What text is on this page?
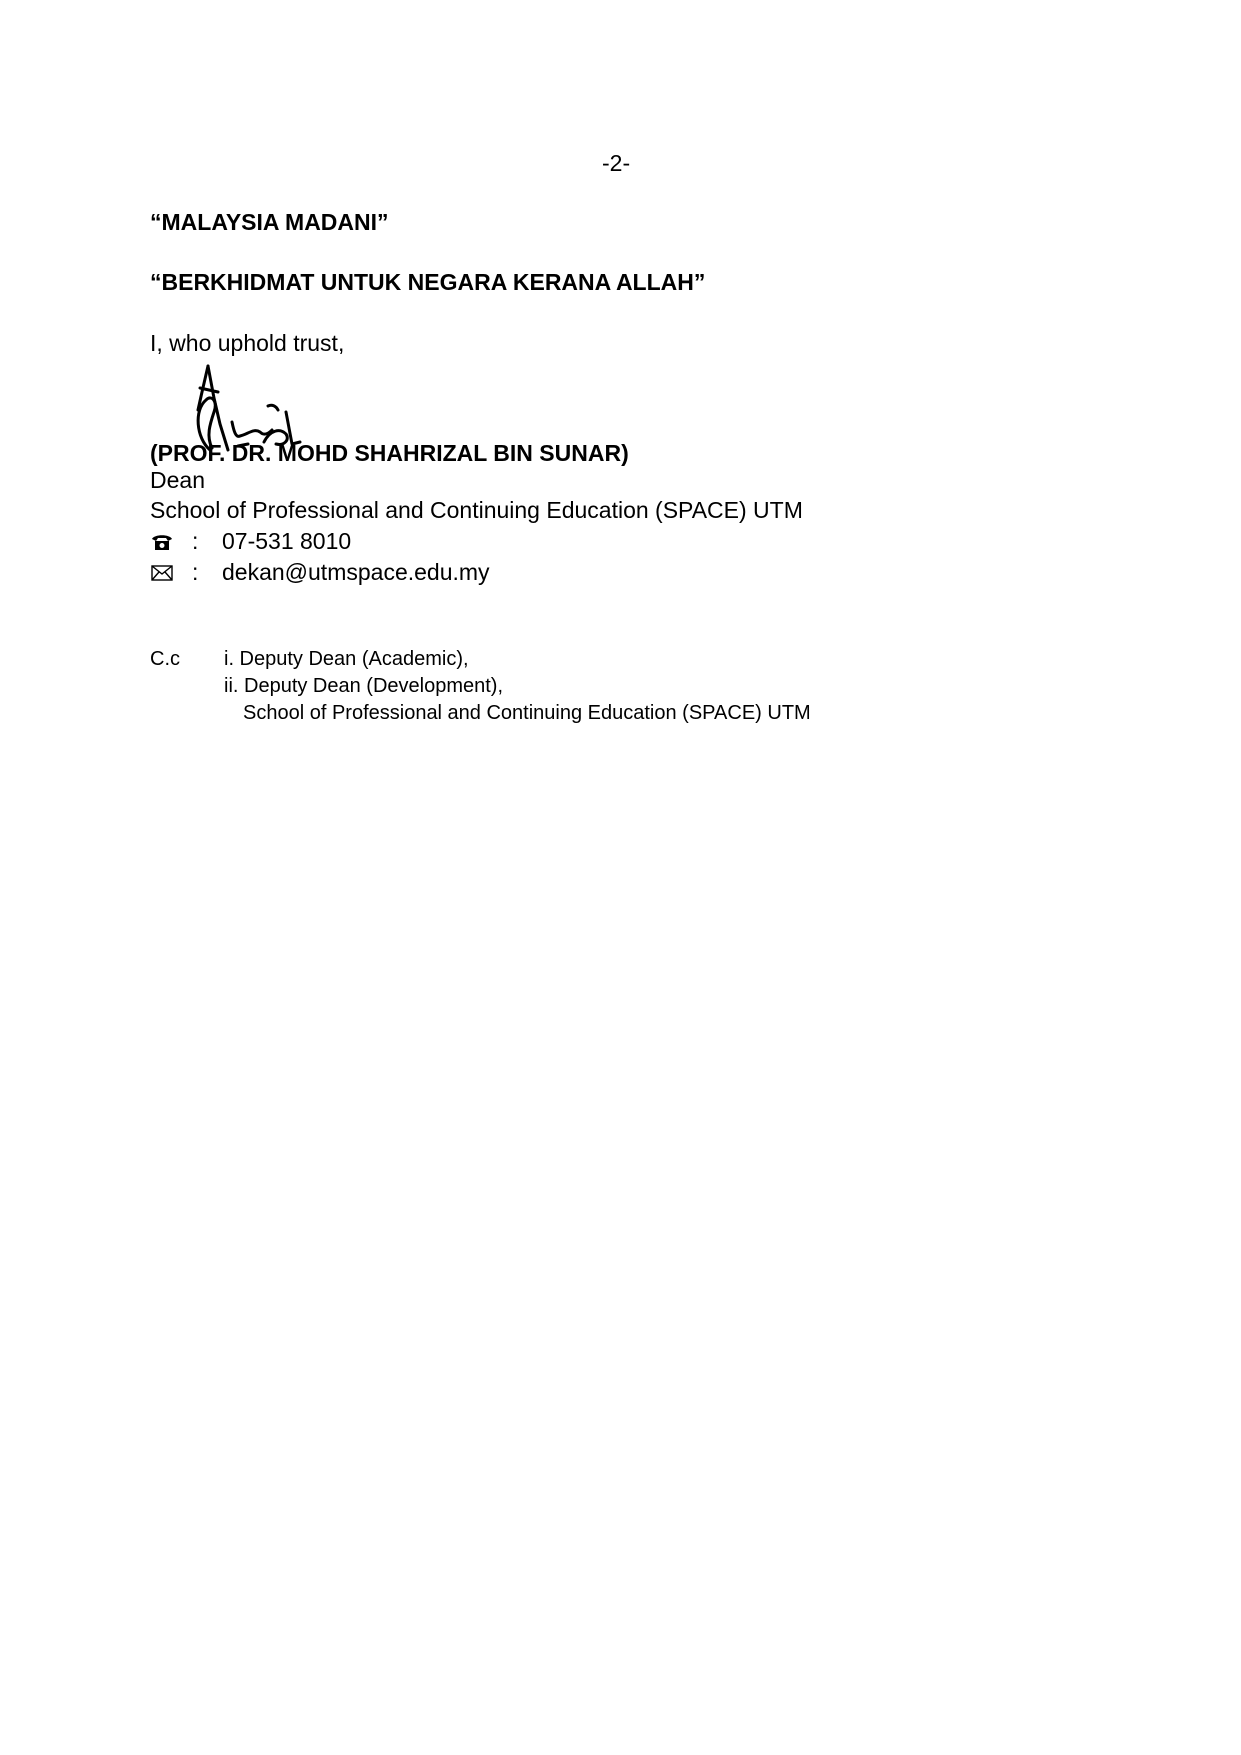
-2-
“MALAYSIA MADANI”
“BERKHIDMAT UNTUK NEGARA KERANA ALLAH”
I, who uphold trust,
(PROF. DR. MOHD SHAHRIZAL BIN SUNAR)
Dean
School of Professional and Continuing Education (SPACE) UTM
:	07-531 8010
:	dekan@utmspace.edu.my
C.c i. Deputy Dean (Academic),
ii. Deputy Dean (Development),
School of Professional and Continuing Education (SPACE) UTM
